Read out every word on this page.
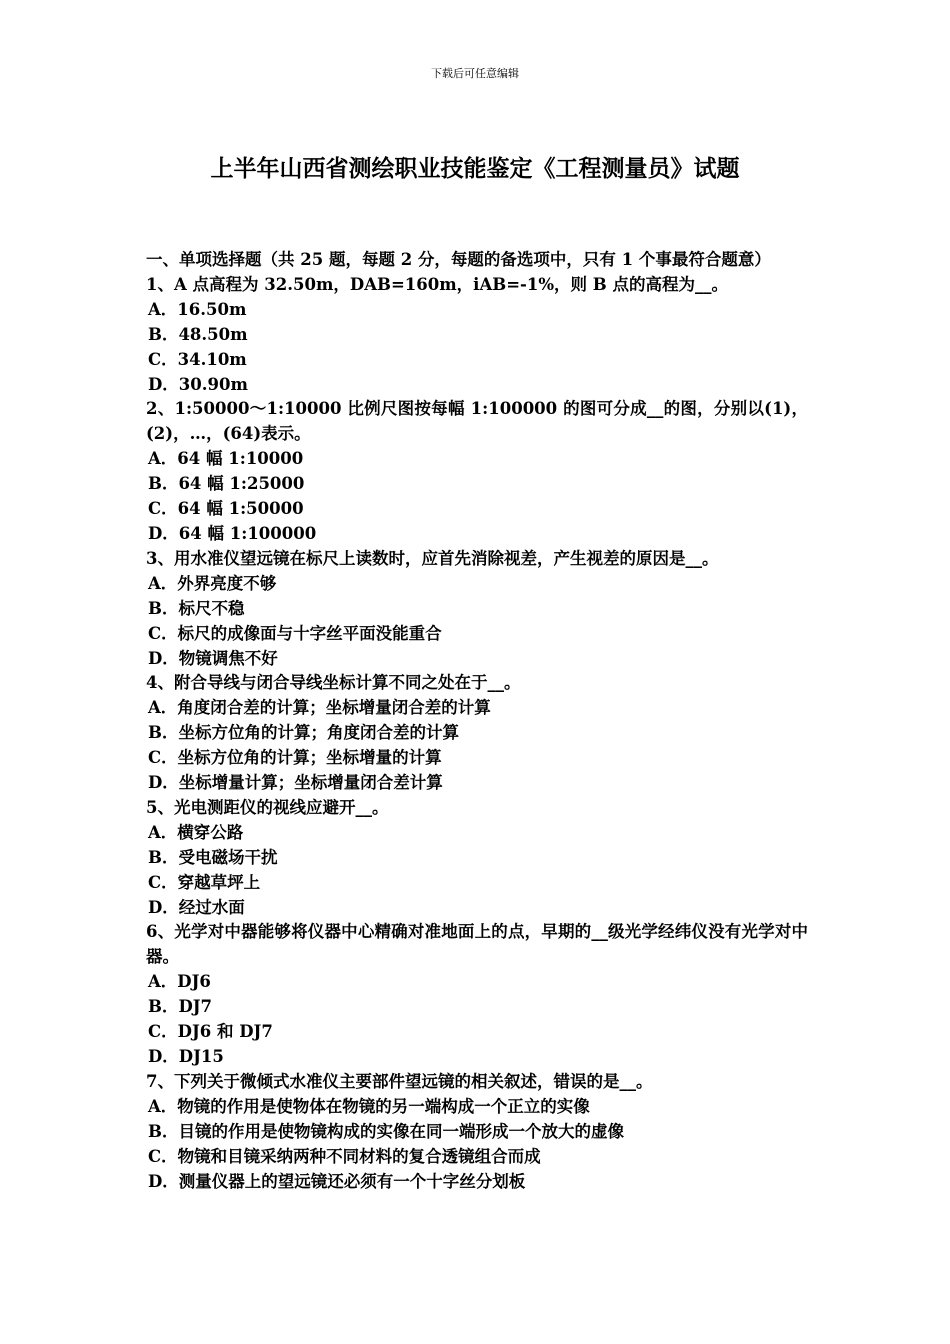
下载后可任意编辑
上半年山西省测绘职业技能鉴定《工程测量员》试题
一、单项选择题（共 25 题，每题 2 分，每题的备选项中，只有 1 个事最符合题意）
1、A 点高程为 32.50m，DAB=160m，iAB=-1%，则 B 点的高程为__。
A．16.50m
B．48.50m
C．34.10m
D．30.90m
2、1:50000～1:10000 比例尺图按每幅 1:100000 的图可分成__的图，分别以(1)，(2)，…，(64)表示。
A．64 幅 1:10000
B．64 幅 1:25000
C．64 幅 1:50000
D．64 幅 1:100000
3、用水准仪望远镜在标尺上读数时，应首先消除视差，产生视差的原因是__。
A．外界亮度不够
B．标尺不稳
C．标尺的成像面与十字丝平面没能重合
D．物镜调焦不好
4、附合导线与闭合导线坐标计算不同之处在于__。
A．角度闭合差的计算；坐标增量闭合差的计算
B．坐标方位角的计算；角度闭合差的计算
C．坐标方位角的计算；坐标增量的计算
D．坐标增量计算；坐标增量闭合差计算
5、光电测距仪的视线应避开__。
A．横穿公路
B．受电磁场干扰
C．穿越草坪上
D．经过水面
6、光学对中器能够将仪器中心精确对准地面上的点，早期的__级光学经纬仪没有光学对中器。
A．DJ6
B．DJ7
C．DJ6 和 DJ7
D．DJ15
7、下列关于微倾式水准仪主要部件望远镜的相关叙述，错误的是__。
A．物镜的作用是使物体在物镜的另一端构成一个正立的实像
B．目镜的作用是使物镜构成的实像在同一端形成一个放大的虚像
C．物镜和目镜采纳两种不同材料的复合透镜组合而成
D．测量仪器上的望远镜还必须有一个十字丝分划板
